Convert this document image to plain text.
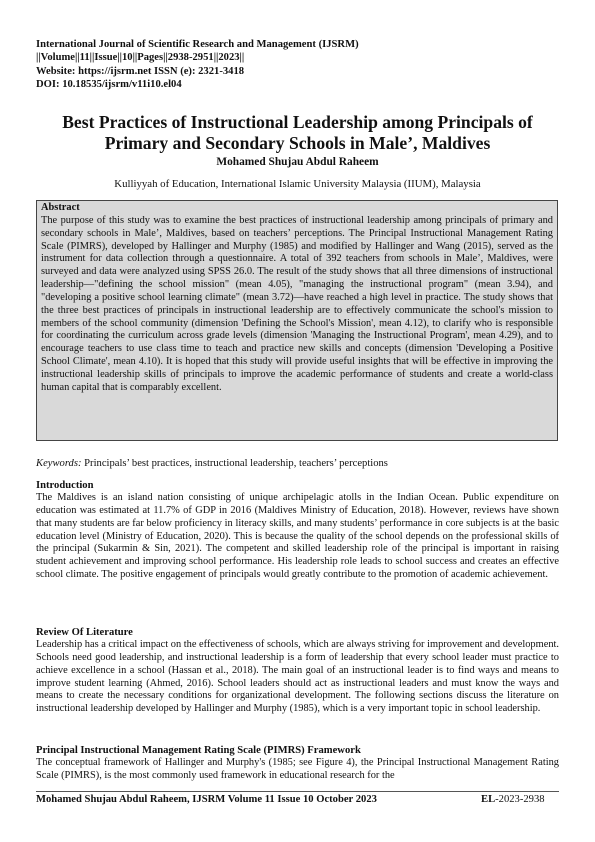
International Journal of Scientific Research and Management (IJSRM)
||Volume||11||Issue||10||Pages||2938-2951||2023||
Website: https://ijsrm.net ISSN (e): 2321-3418
DOI: 10.18535/ijsrm/v11i10.el04
Best Practices of Instructional Leadership among Principals of
Primary and Secondary Schools in Male’, Maldives
Mohamed Shujau Abdul Raheem
Kulliyyah of Education, International Islamic University Malaysia (IIUM), Malaysia
Abstract
The purpose of this study was to examine the best practices of instructional leadership among principals of primary and secondary schools in Male’, Maldives, based on teachers’ perceptions. The Principal Instructional Management Rating Scale (PIMRS), developed by Hallinger and Murphy (1985) and modified by Hallinger and Wang (2015), served as the instrument for data collection through a questionnaire. A total of 392 teachers from schools in Male’, Maldives, were surveyed and data were analyzed using SPSS 26.0. The result of the study shows that all three dimensions of instructional leadership—"defining the school mission" (mean 4.05), "managing the instructional program" (mean 3.94), and "developing a positive school learning climate" (mean 3.72)—have reached a high level in practice. The study shows that the three best practices of principals in instructional leadership are to effectively communicate the school's mission to members of the school community (dimension 'Defining the School's Mission', mean 4.12), to clarify who is responsible for coordinating the curriculum across grade levels (dimension 'Managing the Instructional Program', mean 4.29), and to encourage teachers to use class time to teach and practice new skills and concepts (dimension 'Developing a Positive School Climate', mean 4.10). It is hoped that this study will provide useful insights that will be effective in improving the instructional leadership skills of principals to improve the academic performance of students and create a world-class human capital that is comparably excellent.
Keywords: Principals’ best practices, instructional leadership, teachers’ perceptions
Introduction

The Maldives is an island nation consisting of unique archipelagic atolls in the Indian Ocean. Public expenditure on education was estimated at 11.7% of GDP in 2016 (Maldives Ministry of Education, 2018). However, reviews have shown that many students are far below proficiency in literacy skills, and many students’ performance in core subjects is at the basic education level (Ministry of Education, 2020). This is because the quality of the school depends on the professional skills of the principal (Sukarmin & Sin, 2021). The competent and skilled leadership role of the principal is important in raising student achievement and improving school performance. His leadership role leads to school success and creates an effective school climate. The positive engagement of principals would greatly contribute to the promotion of academic achievement.

Review Of Literature

Leadership has a critical impact on the effectiveness of schools, which are always striving for improvement and development. Schools need good leadership, and instructional leadership is a form of leadership that every school leader must practice to achieve excellence in a school (Hassan et al., 2018). The main goal of an instructional leader is to find ways and means to improve student learning (Ahmed, 2016). School leaders should act as instructional leaders and must know the ways and means to create the necessary conditions for organizational development. The following sections discuss the literature on instructional leadership developed by Hallinger and Murphy (1985), which is a very important topic in school leadership.

Principal Instructional Management Rating Scale (PIMRS) Framework

The conceptual framework of Hallinger and Murphy's (1985; see Figure 4), the Principal Instructional Management Rating Scale (PIMRS), is the most commonly used framework in educational research for the

Mohamed Shujau Abdul Raheem, IJSRM Volume 11 Issue 10 October 2023	EL-2023-2938
